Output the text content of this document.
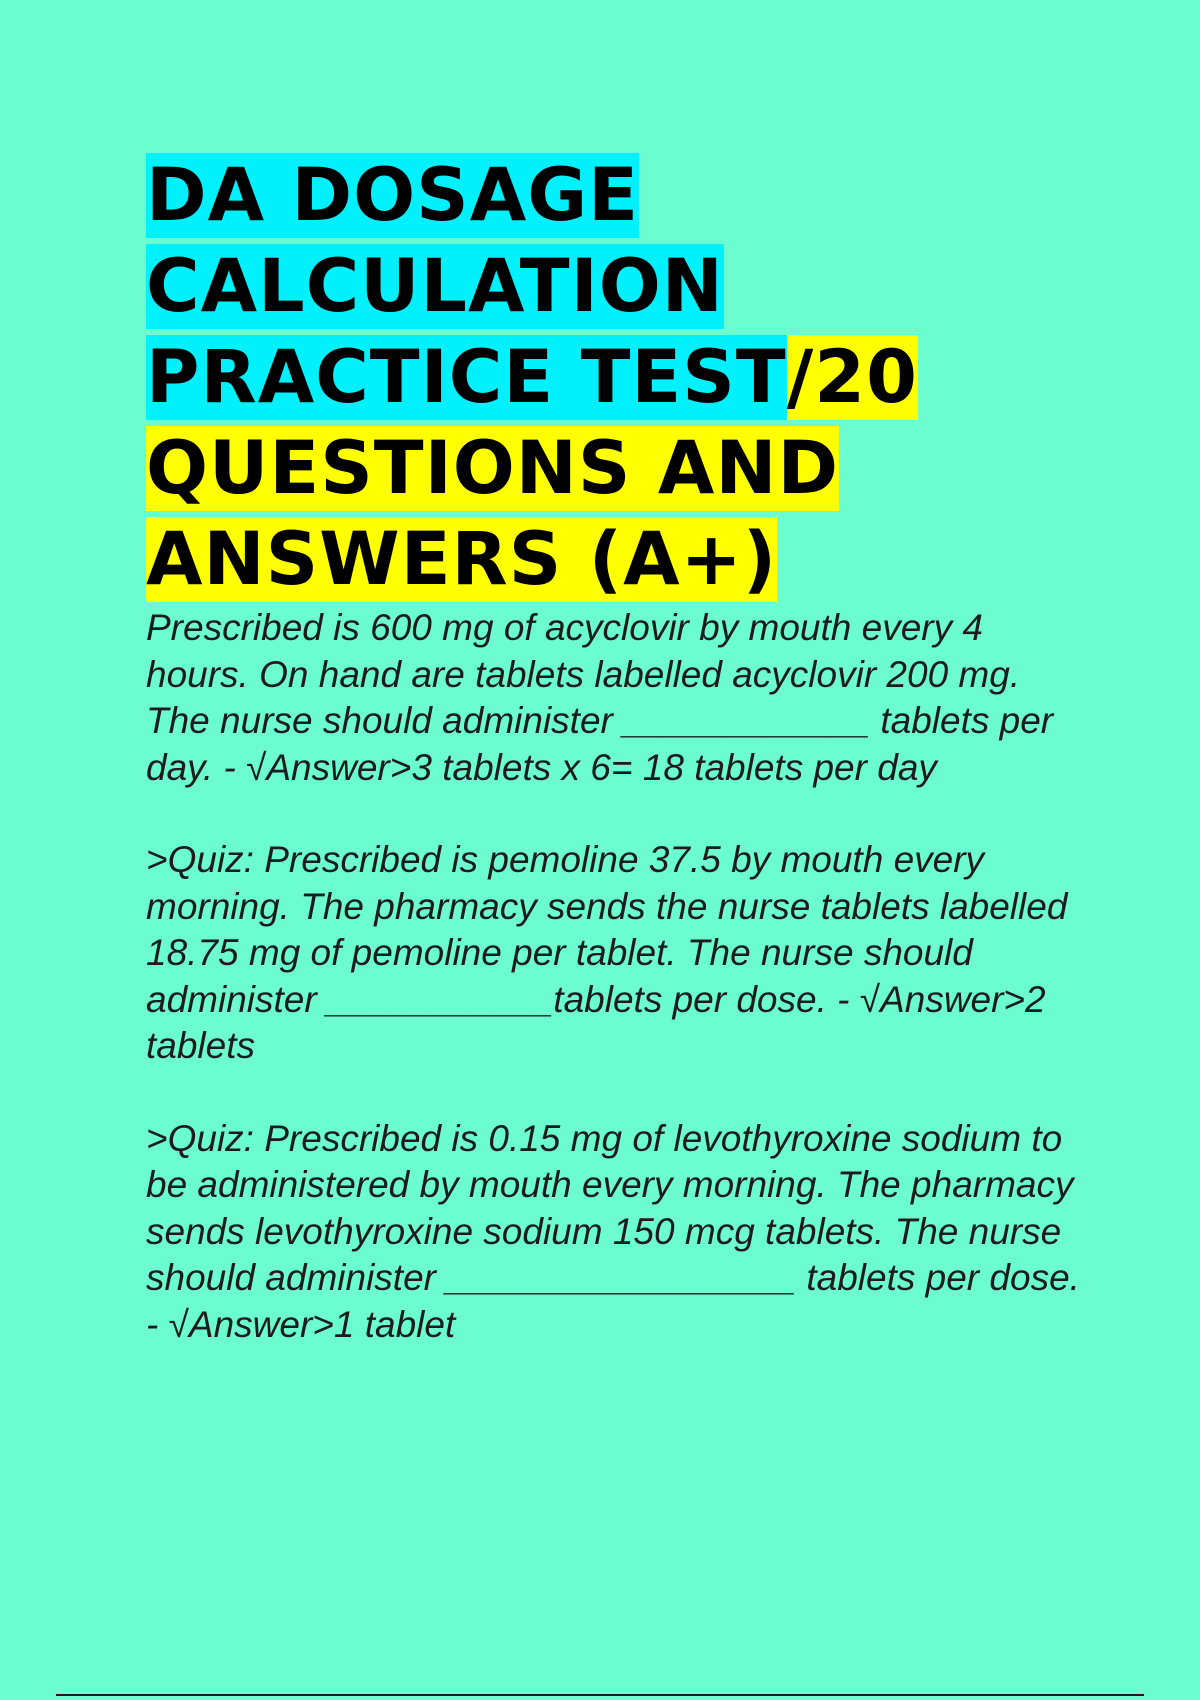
DA DOSAGE
CALCULATION
PRACTICE TEST/20
QUESTIONS AND
ANSWERS (A+)

Prescribed is 600 mg of acyclovir by mouth every 4 hours. On hand are tablets labelled acyclovir 200 mg. The nurse should administer ____________ tablets per day. - √Answer>3 tablets x 6= 18 tablets per day

>Quiz: Prescribed is pemoline 37.5 by mouth every morning. The pharmacy sends the nurse tablets labelled 18.75 mg of pemoline per tablet. The nurse should administer ___________tablets per dose. - √Answer>2 tablets

>Quiz: Prescribed is 0.15 mg of levothyroxine sodium to be administered by mouth every morning. The pharmacy sends levothyroxine sodium 150 mcg tablets. The nurse should administer _________________ tablets per dose. - √Answer>1 tablet
